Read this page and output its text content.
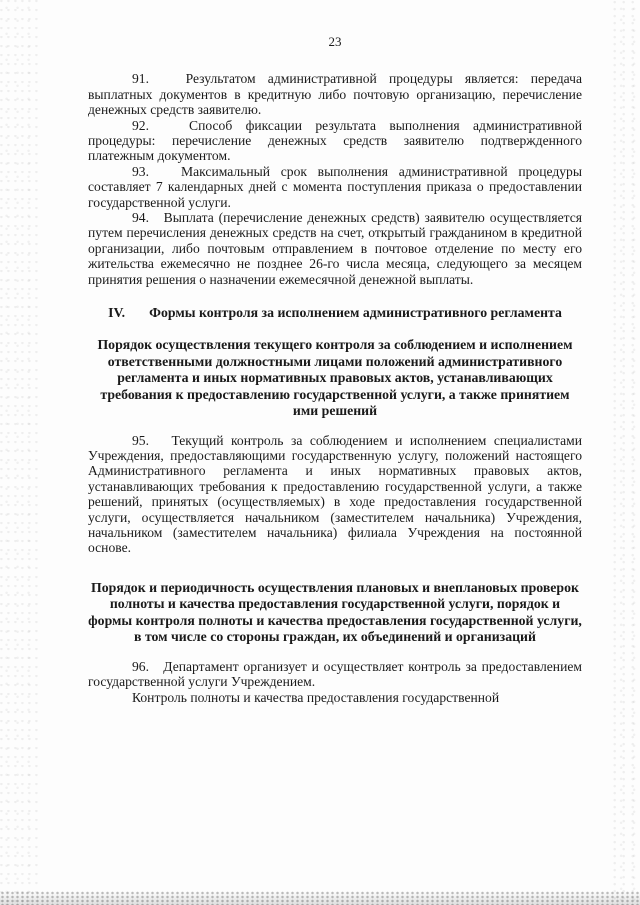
23

91.   Результатом административной процедуры является: передача выплатных документов в кредитную либо почтовую организацию, перечисление денежных средств заявителю.

92.   Способ фиксации результата выполнения административной процедуры: перечисление денежных средств заявителю подтвержденного платежным документом.

93.   Максимальный срок выполнения административной процедуры составляет 7 календарных дней с момента поступления приказа о предоставлении государственной услуги.

94.   Выплата (перечисление денежных средств) заявителю осуществляется путем перечисления денежных средств на счет, открытый гражданином в кредитной организации, либо почтовым отправлением в почтовое отделение по месту его жительства ежемесячно не позднее 26-го числа месяца, следующего за месяцем принятия решения о назначении ежемесячной денежной выплаты.

IV. Формы контроля за исполнением административного регламента
Порядок осуществления текущего контроля за соблюдением и исполнением ответственными должностными лицами положений административного регламента и иных нормативных правовых актов, устанавливающих требования к предоставлению государственной услуги, а также принятием ими решений

95.   Текущий контроль за соблюдением и исполнением специалистами Учреждения, предоставляющими государственную услугу, положений настоящего Административного регламента и иных нормативных правовых актов, устанавливающих требования к предоставлению государственной услуги, а также решений, принятых (осуществляемых) в ходе предоставления государственной услуги, осуществляется начальником (заместителем начальника) Учреждения, начальником (заместителем начальника) филиала Учреждения на постоянной основе.

Порядок и периодичность осуществления плановых и внеплановых проверок полноты и качества предоставления государственной услуги, порядок и формы контроля полноты и качества предоставления государственной услуги, в том числе со стороны граждан, их объединений и организаций

96.   Департамент организует и осуществляет контроль за предоставлением государственной услуги Учреждением.

Контроль полноты и качества предоставления государственной
